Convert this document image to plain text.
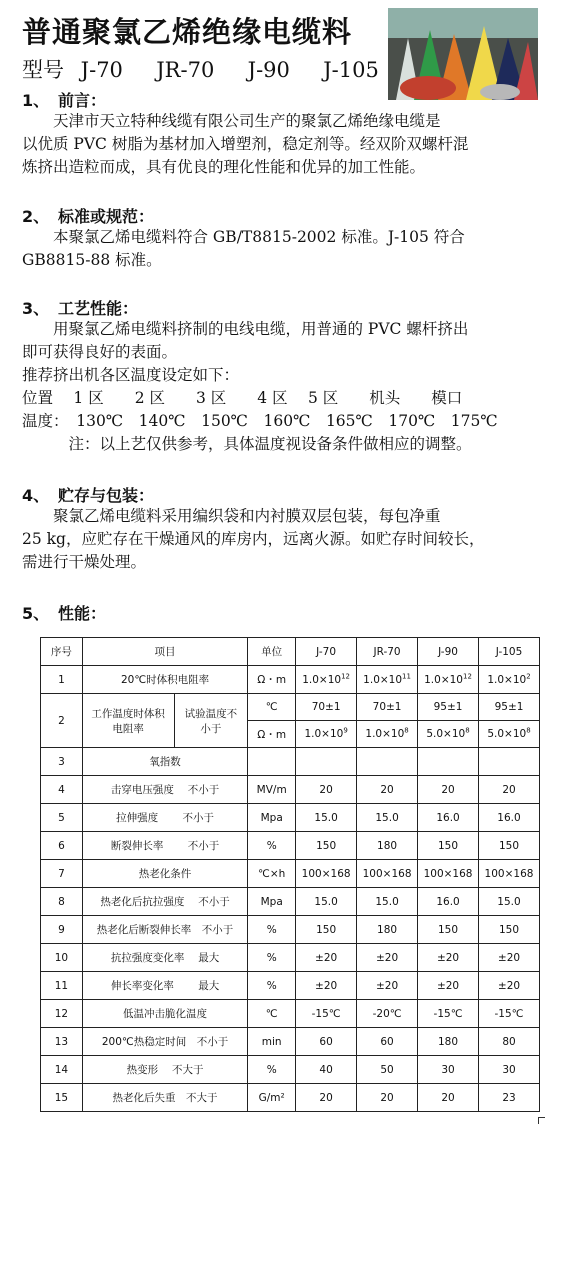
普通聚氯乙烯绝缘电缆料
型号 J-70  JR-70  J-90  J-105
1、 前言：
　　天津市天立特种线缆有限公司生产的聚氯乙烯绝缘电缆是
以优质 PVC 树脂为基材加入增塑剂，稳定剂等。经双阶双螺杆混
炼挤出造粒而成，具有优良的理化性能和优异的加工性能。
2、 标准或规范：
　　本聚氯乙烯电缆料符合 GB/T8815-2002 标准。J-105 符合
GB8815-88 标准。
3、 工艺性能：
　　用聚氯乙烯电缆料挤制的电线电缆，用普通的 PVC 螺杆挤出
即可获得良好的表面。
推荐挤出机各区温度设定如下：
位置　 1 区　　2 区　　3 区　　4 区　 5 区　　机头　　模口
温度：　130℃　140℃　150℃　160℃　165℃　170℃　175℃
　　　注：以上艺仅供参考，具体温度视设备条件做相应的调整。
4、 贮存与包装：
　　聚氯乙烯电缆料采用编织袋和内衬膜双层包装，每包净重
25 kg，应贮存在干燥通风的库房内，远离火源。如贮存时间较长，
需进行干燥处理。
5、 性能：
序号	项目		单位	J-70	JR-70	J-90	J-105
1	20℃时体积电阻率		Ω・m	$1.0\times 10^{12}$	$1.0\times 10^{11}$	$1.0\times 10^{12}$	$1.0\times 10^2$
2	工作温度时体积电阻率	试验温度不小于	℃	70±1	70±1	95±1	95±1
			Ω・m	$1.0\times 10^9$	$1.0\times 10^8$	$5.0\times 10^8$	$5.0\times 10^8$
3	氧指数						
4	击穿电压强度　 不小于		MV/m	20	20	20	20
5	拉伸强度　　 不小于		Mpa	15.0	15.0	16.0	16.0
6	断裂伸长率　　 不小于		%	150	180	150	150
7	热老化条件		℃×h	100×168	100×168	100×168	100×168
8	热老化后抗拉强度　 不小于		Mpa	15.0	15.0	16.0	15.0
9	热老化后断裂伸长率　不小于		%	150	180	150	150
10	抗拉强度变化率　 最大		%	±20	±20	±20	±20
11	伸长率变化率　　 最大		%	±20	±20	±20	±20
12	低温冲击脆化温度		℃	-15℃	-20℃	-15℃	-15℃
13	200℃热稳定时间　不小于		min	60	60	180	80
14	热变形　 不大于		%	40	50	30	30
15	热老化后失重　不大于		G/m²	20	20	20	23
